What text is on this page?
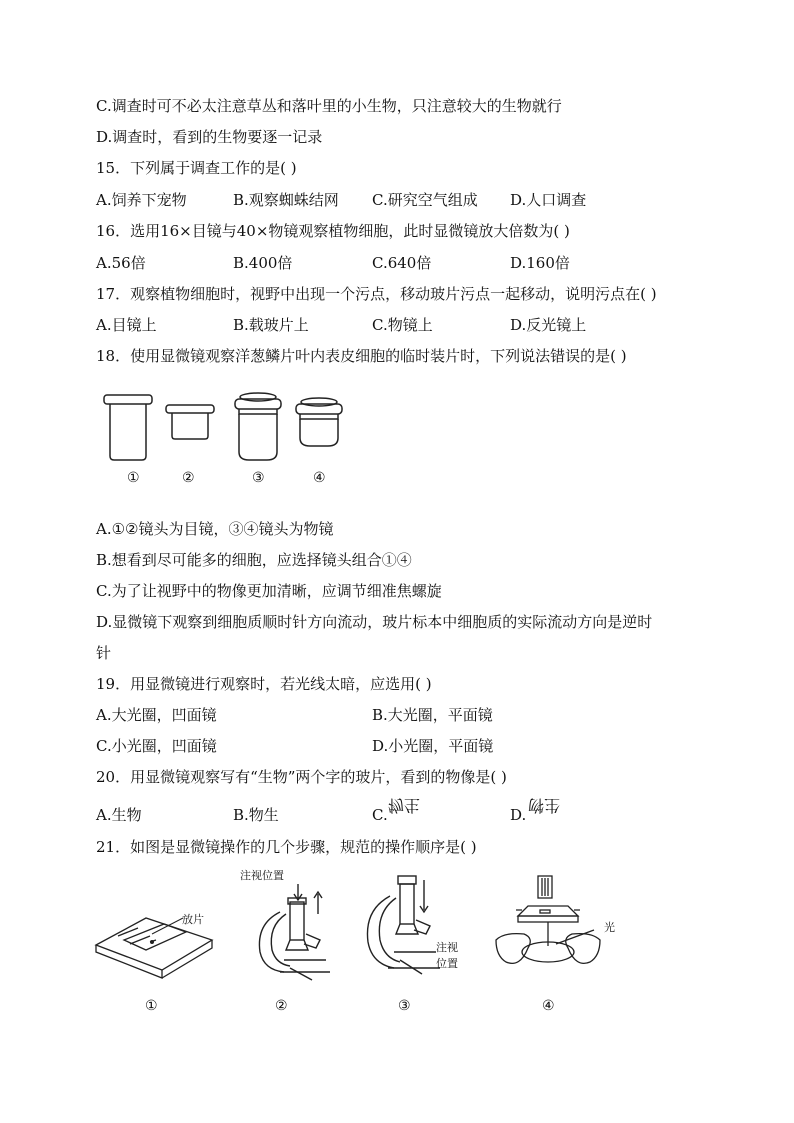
C.调查时可不必太注意草丛和落叶里的小生物，只注意较大的生物就行
D.调查时，看到的生物要逐一记录
15．下列属于调查工作的是( )
A.饲养下宠物	B.观察蜘蛛结网 C.研究空气组成 D.人口调查
16．选用16×目镜与40×物镜观察植物细胞，此时显微镜放大倍数为( )
A.56倍	B.400倍	C.640倍	D.160倍
17．观察植物细胞时，视野中出现一个污点，移动玻片污点一起移动，说明污点在( )
A.目镜上	B.载玻片上	C.物镜上	D.反光镜上
18．使用显微镜观察洋葱鳞片叶内表皮细胞的临时装片时，下列说法错误的是( )
①	②	③	④
A.①②镜头为目镜，③④镜头为物镜
B.想看到尽可能多的细胞，应选择镜头组合①④
C.为了让视野中的物像更加清晰，应调节细准焦螺旋
D.显微镜下观察到细胞质顺时针方向流动，玻片标本中细胞质的实际流动方向是逆时
针
19．用显微镜进行观察时，若光线太暗，应选用( )
A.大光圈，凹面镜	B.大光圈，平面镜
C.小光圈，凹面镜	D.小光圈，平面镜
20．用显微镜观察写有“生物”两个字的玻片，看到的物像是( )
A.生物	B.物生	C.	D.
物生	生物
21．如图是显微镜操作的几个步骤，规范的操作顺序是( )
放片
注视位置
注视
位置
光
①	②	③	④
